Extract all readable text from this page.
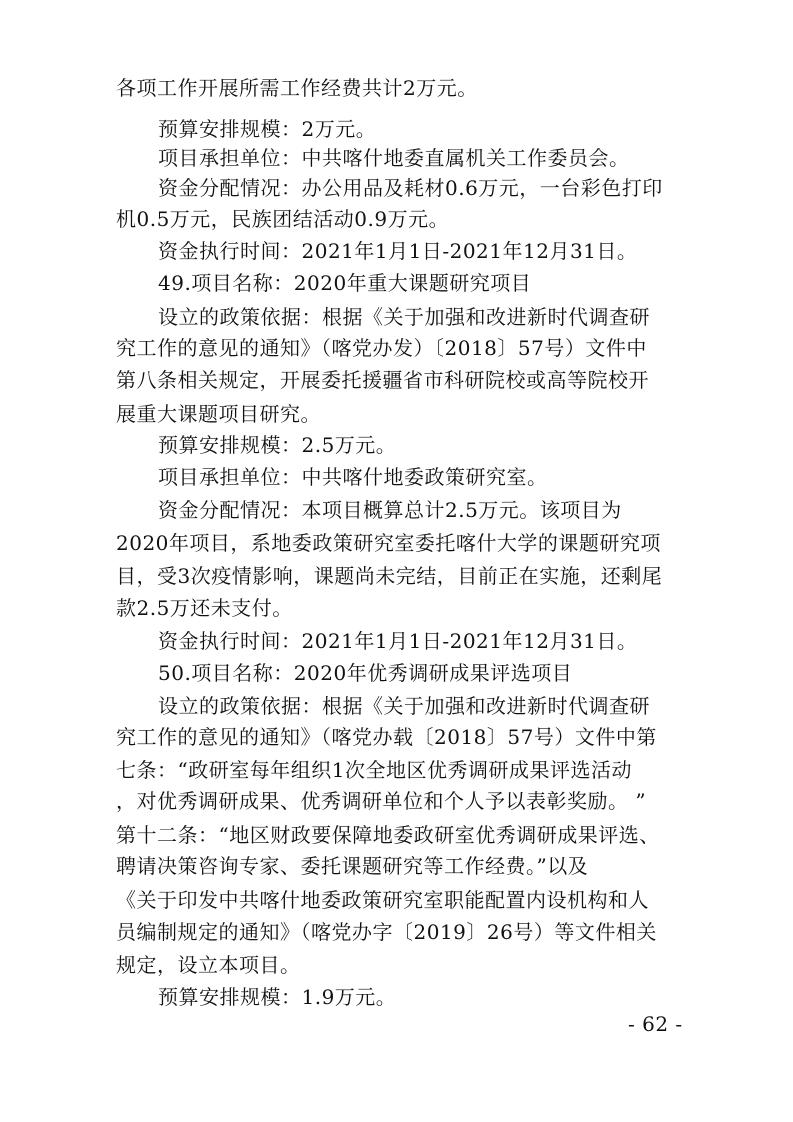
各项工作开展所需工作经费共计2万元。
预算安排规模：2万元。
项目承担单位：中共喀什地委直属机关工作委员会。
资金分配情况：办公用品及耗材0.6万元，一台彩色打印
机0.5万元，民族团结活动0.9万元。
资金执行时间：2021年1月1日-2021年12月31日。
49.项目名称：2020年重大课题研究项目
设立的政策依据：根据《关于加强和改进新时代调查研
究工作的意见的通知》（喀党办发）〔2018〕57号）文件中
第八条相关规定，开展委托援疆省市科研院校或高等院校开
展重大课题项目研究。
预算安排规模：2.5万元。
项目承担单位：中共喀什地委政策研究室。
资金分配情况：本项目概算总计2.5万元。该项目为
2020年项目，系地委政策研究室委托喀什大学的课题研究项
目，受3次疫情影响，课题尚未完结，目前正在实施，还剩尾
款2.5万还未支付。
资金执行时间：2021年1月1日-2021年12月31日。
50.项目名称：2020年优秀调研成果评选项目
设立的政策依据：根据《关于加强和改进新时代调查研
究工作的意见的通知》（喀党办载〔2018〕57号）文件中第
七条：“政研室每年组织1次全地区优秀调研成果评选活动
，对优秀调研成果、优秀调研单位和个人予以表彰奖励。 ”
第十二条：“地区财政要保障地委政研室优秀调研成果评选、
聘请决策咨询专家、委托课题研究等工作经费。”以及
《关于印发中共喀什地委政策研究室职能配置内设机构和人
员编制规定的通知》（喀党办字〔2019〕26号）等文件相关
规定，设立本项目。
预算安排规模：1.9万元。
- 62 -
